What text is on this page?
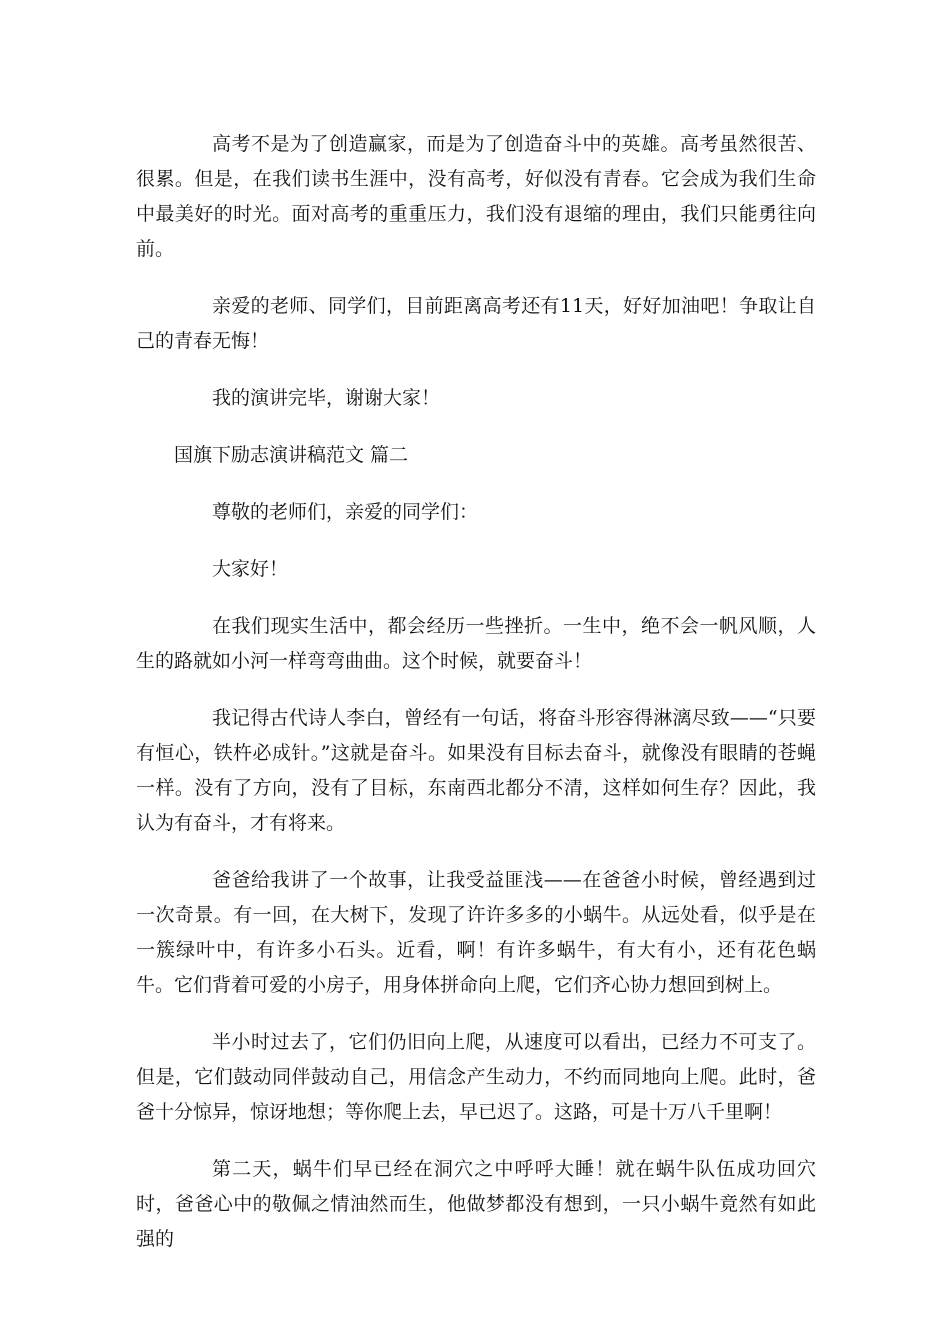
高考不是为了创造赢家，而是为了创造奋斗中的英雄。高考虽然很苦、很累。但是，在我们读书生涯中，没有高考，好似没有青春。它会成为我们生命中最美好的时光。面对高考的重重压力，我们没有退缩的理由，我们只能勇往向前。

亲爱的老师、同学们，目前距离高考还有11天，好好加油吧！争取让自己的青春无悔！

我的演讲完毕，谢谢大家！

国旗下励志演讲稿范文 篇二

尊敬的老师们，亲爱的同学们：

大家好！

在我们现实生活中，都会经历一些挫折。一生中，绝不会一帆风顺，人生的路就如小河一样弯弯曲曲。这个时候，就要奋斗！

我记得古代诗人李白，曾经有一句话，将奋斗形容得淋漓尽致——“只要有恒心，铁杵必成针。”这就是奋斗。如果没有目标去奋斗，就像没有眼睛的苍蝇一样。没有了方向，没有了目标，东南西北都分不清，这样如何生存？因此，我认为有奋斗，才有将来。

爸爸给我讲了一个故事，让我受益匪浅——在爸爸小时候，曾经遇到过一次奇景。有一回，在大树下，发现了许许多多的小蜗牛。从远处看，似乎是在一簇绿叶中，有许多小石头。近看，啊！有许多蜗牛，有大有小，还有花色蜗牛。它们背着可爱的小房子，用身体拼命向上爬，它们齐心协力想回到树上。

半小时过去了，它们仍旧向上爬，从速度可以看出，已经力不可支了。但是，它们鼓动同伴鼓动自己，用信念产生动力，不约而同地向上爬。此时，爸爸十分惊异，惊讶地想；等你爬上去，早已迟了。这路，可是十万八千里啊！

第二天，蜗牛们早已经在洞穴之中呼呼大睡！就在蜗牛队伍成功回穴时，爸爸心中的敬佩之情油然而生，他做梦都没有想到，一只小蜗牛竟然有如此强的
